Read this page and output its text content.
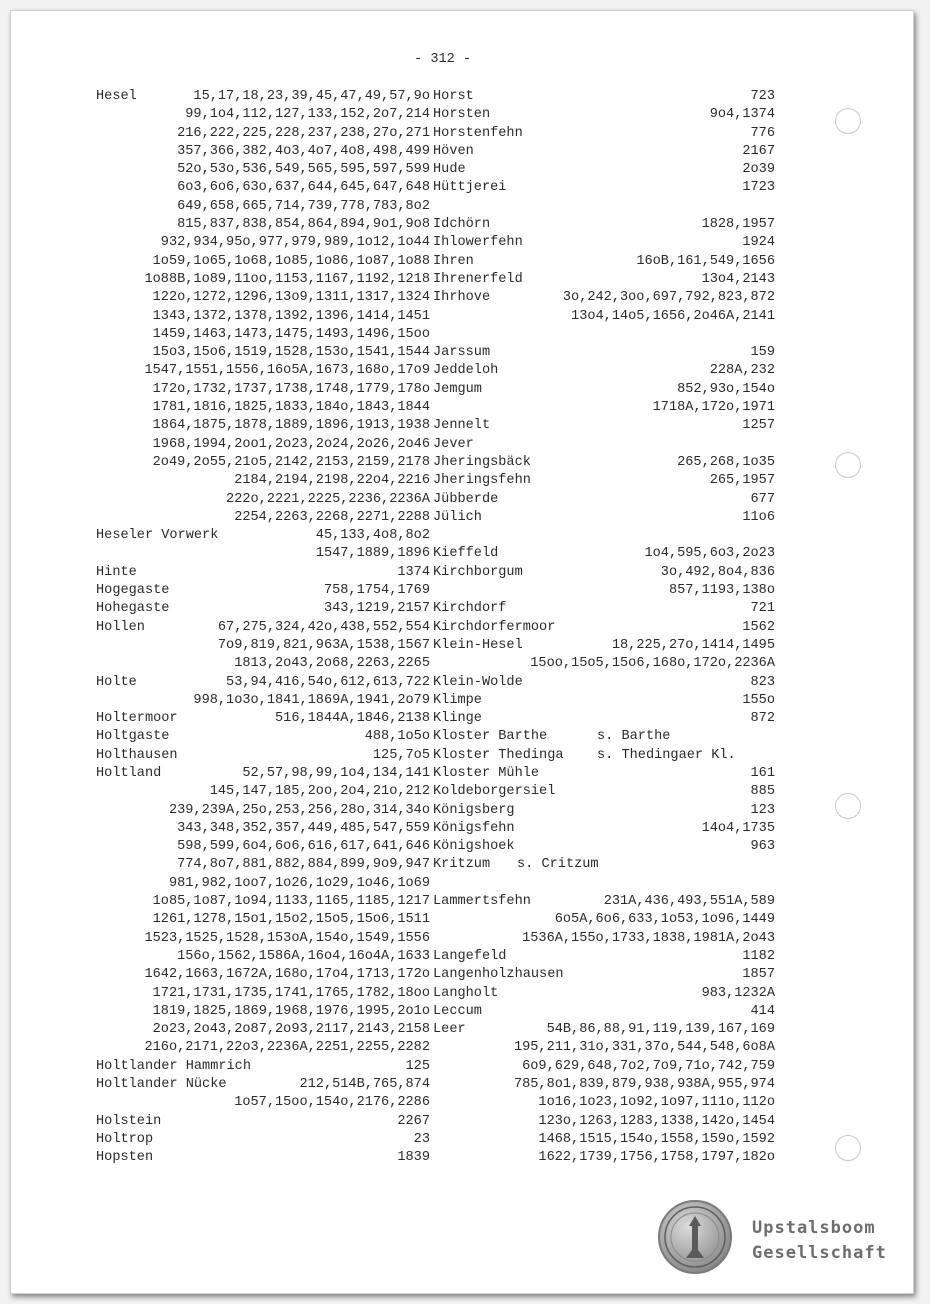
- 312 -
Hesel	15,17,18,23,39,45,47,49,57,9o
99,1o4,112,127,133,152,2o7,214
216,222,225,228,237,238,27o,271
357,366,382,4o3,4o7,4o8,498,499
52o,53o,536,549,565,595,597,599
6o3,6o6,63o,637,644,645,647,648
649,658,665,714,739,778,783,8o2
815,837,838,854,864,894,9o1,9o8
932,934,95o,977,979,989,1o12,1o44
1o59,1o65,1o68,1o85,1o86,1o87,1o88
1o88B,1o89,11oo,1153,1167,1192,1218
122o,1272,1296,13o9,1311,1317,1324
1343,1372,1378,1392,1396,1414,1451
1459,1463,1473,1475,1493,1496,15oo
15o3,15o6,1519,1528,153o,1541,1544
1547,1551,1556,16o5A,1673,168o,17o9
172o,1732,1737,1738,1748,1779,178o
1781,1816,1825,1833,184o,1843,1844
1864,1875,1878,1889,1896,1913,1938
1968,1994,2oo1,2o23,2o24,2o26,2o46
2o49,2o55,21o5,2142,2153,2159,2178
2184,2194,2198,22o4,2216
222o,2221,2225,2236,2236A
2254,2263,2268,2271,2288
Heseler Vorwerk	45,133,4o8,8o2
1547,1889,1896
Hinte	1374
Hogegaste	758,1754,1769
Hohegaste	343,1219,2157
Hollen	67,275,324,42o,438,552,554
7o9,819,821,963A,1538,1567
1813,2o43,2o68,2263,2265
Holte	53,94,416,54o,612,613,722
998,1o3o,1841,1869A,1941,2o79
Holtermoor	516,1844A,1846,2138
Holtgaste	488,1o5o
Holthausen	125,7o5
Holtland	52,57,98,99,1o4,134,141
145,147,185,2oo,2o4,21o,212
239,239A,25o,253,256,28o,314,34o
343,348,352,357,449,485,547,559
598,599,6o4,6o6,616,617,641,646
774,8o7,881,882,884,899,9o9,947
981,982,1oo7,1o26,1o29,1o46,1o69
1o85,1o87,1o94,1133,1165,1185,1217
1261,1278,15o1,15o2,15o5,15o6,1511
1523,1525,1528,153oA,154o,1549,1556
156o,1562,1586A,16o4,16o4A,1633
1642,1663,1672A,168o,17o4,1713,172o
1721,1731,1735,1741,1765,1782,18oo
1819,1825,1869,1968,1976,1995,2o1o
2o23,2o43,2o87,2o93,2117,2143,2158
216o,2171,22o3,2236A,2251,2255,2282
Holtlander Hammrich	125
Holtlander Nücke	212,514B,765,874
1o57,15oo,154o,2176,2286
Holstein	2267
Holtrop	23
Hopsten	1839
Horst	723
Horsten	9o4,1374
Horstenfehn	776
Höven	2167
Hude	2o39
Hüttjerei	1723
Idchörn	1828,1957
Ihlowerfehn	1924
Ihren	16oB,161,549,1656
Ihrenerfeld	13o4,2143
Ihrhove	3o,242,3oo,697,792,823,872
13o4,14o5,1656,2o46A,2141
Jarssum	159
Jeddeloh	228A,232
Jemgum	852,93o,154o
1718A,172o,1971
Jennelt	1257
Jever
Jheringsbäck	265,268,1o35
Jheringsfehn	265,1957
Jübberde	677
Jülich	11o6
Kieffeld	1o4,595,6o3,2o23
Kirchborgum	3o,492,8o4,836
857,1193,138o
Kirchdorf	721
Kirchdorfermoor	1562
Klein-Hesel	18,225,27o,1414,1495
15oo,15o5,15o6,168o,172o,2236A
Klein-Wolde	823
Klimpe	155o
Klinge	872
Kloster Barthe	s. Barthe
Kloster Thedinga s. Thedingaer Kl.
Kloster Mühle	161
Koldeborgersiel	885
Königsberg	123
Königsfehn	14o4,1735
Königshoek	963
Kritzum s. Critzum
Lammertsfehn	231A,436,493,551A,589
6o5A,6o6,633,1o53,1o96,1449
1536A,155o,1733,1838,1981A,2o43
Langefeld	1182
Langenholzhausen	1857
Langholt	983,1232A
Leccum	414
Leer	54B,86,88,91,119,139,167,169
195,211,31o,331,37o,544,548,6o8A
6o9,629,648,7o2,7o9,71o,742,759
785,8o1,839,879,938,938A,955,974
1o16,1o23,1o92,1o97,111o,112o
123o,1263,1283,1338,142o,1454
1468,1515,154o,1558,159o,1592
1622,1739,1756,1758,1797,182o
Upstalsboom
Gesellschaft
